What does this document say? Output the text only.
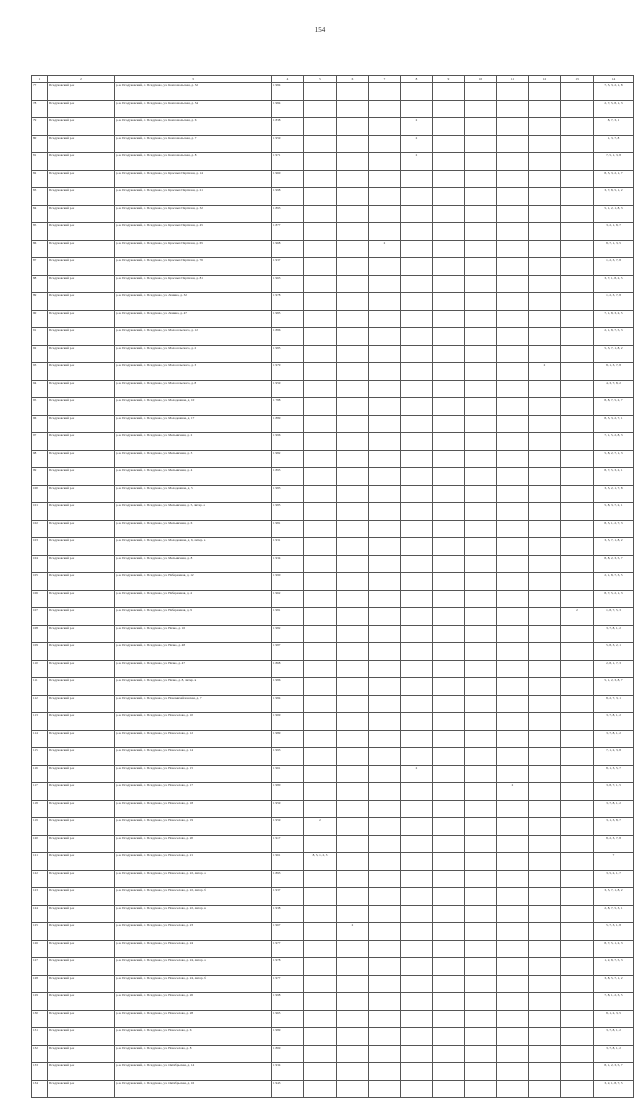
154
1	2	3	4	5	6	7	8	9	10	11	12	13	14
77	Псадуковский р-н	р-н. Псадуковский, с. Псадуково, ул. Комсомольская, д. 52	1 984										7, 5, 3, 2, 1, 8
78	Псадуковский р-н	р-н. Псадуковский, с. Псадуково, ул. Комсомольская, д. 54	1 984										2, 7, 5, 8, 1, 3
79	Псадуковский р-н	р-н. Псадуковский, с. Псадуково, ул. Комсомольская, д. 6	1 838				2						8, 7, 3, 1
80	Псадуковский р-н	р-н. Псадуковский, с. Псадуково, ул. Комсомольская, д. 7	1 959				2						1, 3, 7, 8
81	Псадуковский р-н	р-н. Псадуковский, с. Псадуково, ул. Комсомольская, д. 8	1 971				2						7, 5, 1, 3, 8
82	Псадуковский р-н	р-н. Псадуковский, с. Псадуково, ул. Красных Партизан, д. 14	1 960										8, 5, 3, 2, 1, 7
83	Псадуковский р-н	р-н. Псадуковский, с. Псадуково, ул. Красных Партизан, д. 21	1 998										3, 7, 8, 5, 1, 2
84	Псадуковский р-н	р-н. Псадуковский, с. Псадуково, ул. Красных Партизан, д. 32	1 893										5, 1, 2, 1, 8, 3
85	Псадуковский р-н	р-н. Псадуковский, с. Псадуково, ул. Красных Партизан, д. 45	1 877										3, 2, 1, 8, 7
86	Псадуковский р-н	р-н. Псадуковский, с. Псадуково, ул. Красных Партизан, д. 65	1 968			2							8, 7, 1, 3, 5
87	Псадуковский р-н	р-н. Псадуковский, с. Псадуково, ул. Красных Партизан, д. 76	1 937										1, 2, 3, 7, 8
88	Псадуковский р-н	р-н. Псадуковский, с. Псадуково, ул. Красных Партизан, д. 81	1 963										3, 7, 1, 8, 2, 5
89	Псадуковский р-н	р-н. Псадуковский, с. Псадуково, ул. Ленина, д. 32	1 978										1, 2, 3, 7, 8
90	Псадуковский р-н	р-н. Псадуковский, с. Псадуково, ул. Ленина, д. 47	1 985										7, 1, 8, 3, 2, 5
91	Псадуковский р-н	р-н. Псадуковский, с. Псадуково, ул. Малосельского, д. 12	1 886										2, 1, 8, 7, 5, 3
92	Псадуковский р-н	р-н. Псадуковский, с. Псадуково, ул. Малосельского, д. 2	1 985										5, 3, 7, 1, 8, 2
93	Псадуковский р-н	р-н. Псадуковский, с. Псадуково, ул. Малосельского, д. 3	1 979								2		8, 1, 3, 7, 8
94	Псадуковский р-н	р-н. Псадуковский, с. Псадуково, ул. Малосельского, д. 8	1 959										4, 3, 7, 8, 2
95	Псадуковский р-н	р-н. Псадуковский, с. Псадуково, ул. Молодежная, д. 10	1 788										8, 8, 7, 5, 2, 7
96	Псадуковский р-н	р-н. Псадуковский, с. Псадуково, ул. Молодежная, д. 17	1 889										8, 5, 3, 2, 7, 1
97	Псадуковский р-н	р-н. Псадуковский, с. Псадуково, ул. Мельничная, д. 2	1 996										7, 1, 5, 2, 8, 3
98	Псадуковский р-н	р-н. Псадуковский, с. Псадуково, ул. Мельничная, д. 3	1 982										5, 8, 2, 7, 1, 3
99	Псадуковский р-н	р-н. Псадуковский, с. Псадуково, ул. Мельничная, д. 4	1 895										8, 7, 5, 3, 2, 1
100	Псадуковский р-н	р-н. Псадуковский, с. Псадуково, ул. Молодежная, д. 5	1 983										3, 5, 2, 1, 7, 8
101	Псадуковский р-н	р-н. Псадуковский, с. Псадуково, ул. Мельничная, д. 5, литер. а	1 985										5, 8, 3, 7, 2, 1
102	Псадуковский р-н	р-н. Псадуковский, с. Псадуково, ул. Мельничная, д. 6	1 981										8, 5, 1, 2, 7, 3
103	Псадуковский р-н	р-н. Псадуковский, с. Псадуково, ул. Молодежная, д. 6, литер. а	1 931										3, 5, 7, 1, 8, 2
104	Псадуковский р-н	р-н. Псадуковский, с. Псадуково, ул. Мельничная, д. 8	1 934										8, 8, 2, 3, 5, 7
105	Псадуковский р-н	р-н. Псадуковский, с. Псадуково, ул. Набережная, д. 12	1 990										2, 1, 8, 7, 3, 5
106	Псадуковский р-н	р-н. Псадуковский, с. Псадуково, ул. Набережная, д. 4	1 962										8, 7, 5, 2, 1, 3
107	Псадуковский р-н	р-н. Псадуковский, с. Псадуково, ул. Набережная, д. 9	1 981									2	1, 8, 7, 5, 3
108	Псадуковский р-н	р-н. Псадуковский, с. Псадуково, ул. Нечко, д. 16	1 982										3, 7, 8, 1, 2
109	Псадуковский р-н	р-н. Псадуковский, с. Псадуково, ул. Нечко, д. 48	1 987										5, 8, 3, 2, 1
110	Псадуковский р-н	р-н. Псадуковский, с. Псадуково, ул. Нечко, д. 47	1 868										2, 8, 1, 7, 3
111	Псадуковский р-н	р-н. Псадуковский, с. Псадуково, ул. Нечко, д. 8, литер. в	1 986										5, 1, 2, 3, 8, 7
112	Псадуковский р-н	р-н. Псадуковский, с. Псадуково, ул. Новомихайловская, д. 7	1 984										8, 2, 7, 3, 1
113	Псадуковский р-н	р-н. Псадуковский, с. Псадуково, ул. Новоселова, д. 10	1 969										3, 7, 8, 1, 2
114	Псадуковский р-н	р-н. Псадуковский, с. Псадуково, ул. Новоселова, д. 12	1 989										3, 7, 8, 1, 2
115	Псадуковский р-н	р-н. Псадуковский, с. Псадуково, ул. Новоселова, д. 14	1 993										7, 1, 2, 3, 8
116	Псадуковский р-н	р-н. Псадуковский, с. Псадуково, ул. Новоселова, д. 15	1 961				2						8, 1, 3, 5, 7
117	Псадуковский р-н	р-н. Псадуковский, с. Псадуково, ул. Новоселова, д. 17	1 980							2			3, 8, 7, 1, 5
118	Псадуковский р-н	р-н. Псадуковский, с. Псадуково, ул. Новоселова, д. 18	1 959										3, 7, 8, 1, 2
119	Псадуковский р-н	р-н. Псадуковский, с. Псадуково, ул. Новоселова, д. 19	1 959	2									3, 1, 3, 8, 7
120	Псадуковский р-н	р-н. Псадуковский, с. Псадуково, ул. Новоселова, д. 20	1 917										8, 2, 3, 7, 8
121	Псадуковский р-н	р-н. Псадуковский, с. Псадуково, ул. Новоселова, д. 21	1 961	8, 5, 1, 2, 3									7
122	Псадуковский р-н	р-н. Псадуковский, с. Псадуково, ул. Новоселова, д. 22, литер. а	1 893										3, 5, 2, 1, 7
123	Псадуковский р-н	р-н. Псадуковский, с. Псадуково, ул. Новоселова, д. 22, литер. б	1 937										3, 5, 7, 1, 8, 2
124	Псадуковский р-н	р-н. Псадуковский, с. Псадуково, ул. Новоселова, д. 22, литер. в	1 938										2, 8, 7, 5, 3, 1
125	Псадуковский р-н	р-н. Псадуковский, с. Псадуково, ул. Новоселова, д. 23	1 967		2								5, 7, 3, 1, 8
126	Псадуковский р-н	р-н. Псадуковский, с. Псадуково, ул. Новоселова, д. 24	1 977										8, 7, 5, 1, 2, 3
127	Псадуковский р-н	р-н. Псадуковский, с. Псадуково, ул. Новоселова, д. 24, литер. а	1 978										1, 2, 8, 7, 5, 3
128	Псадуковский р-н	р-н. Псадуковский, с. Псадуково, ул. Новоселова, д. 24, литер. б	1 977										3, 8, 5, 7, 1, 2
129	Псадуковский р-н	р-н. Псадуковский, с. Псадуково, ул. Новоселова, д. 26	1 998										7, 8, 1, 2, 3, 5
130	Псадуковский р-н	р-н. Псадуковский, с. Псадуково, ул. Новоселова, д. 28	1 965										8, 1, 2, 3, 5
131	Псадуковский р-н	р-н. Псадуковский, с. Псадуково, ул. Новоселова, д. 6	1 989										3, 7, 8, 1, 2
132	Псадуковский р-н	р-н. Псадуковский, с. Псадуково, ул. Новоселова, д. 8	1 869										3, 7, 8, 1, 2
133	Псадуковский р-н	р-н. Псадуковский, с. Псадуково, ул. Октябрьская, д. 14	1 934										8, 1, 2, 3, 5, 7
134	Псадуковский р-н	р-н. Псадуковский, с. Псадуково, ул. Октябрьская, д. 16	1 943										3, 2, 1, 8, 7, 5
